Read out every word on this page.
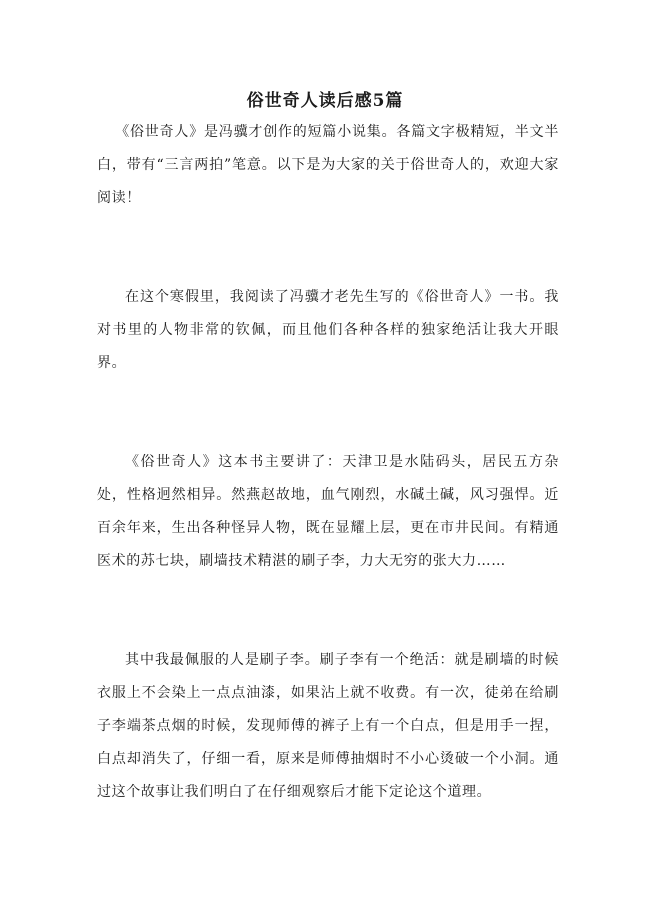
俗世奇人读后感5篇

《俗世奇人》是冯骥才创作的短篇小说集。各篇文字极精短，半文半白，带有“三言两拍”笔意。以下是为大家的关于俗世奇人的，欢迎大家阅读！

在这个寒假里，我阅读了冯骥才老先生写的《俗世奇人》一书。我对书里的人物非常的钦佩，而且他们各种各样的独家绝活让我大开眼界。

《俗世奇人》这本书主要讲了：天津卫是水陆码头，居民五方杂处，性格迥然相异。然燕赵故地，血气刚烈，水碱土碱，风习强悍。近百余年来，生出各种怪异人物，既在显耀上层，更在市井民间。有精通医术的苏七块，刷墙技术精湛的刷子李，力大无穷的张大力……

其中我最佩服的人是刷子李。刷子李有一个绝活：就是刷墙的时候衣服上不会染上一点点油漆，如果沾上就不收费。有一次，徒弟在给刷子李端茶点烟的时候，发现师傅的裤子上有一个白点，但是用手一捏，白点却消失了，仔细一看，原来是师傅抽烟时不小心烫破一个小洞。通过这个故事让我们明白了在仔细观察后才能下定论这个道理。
